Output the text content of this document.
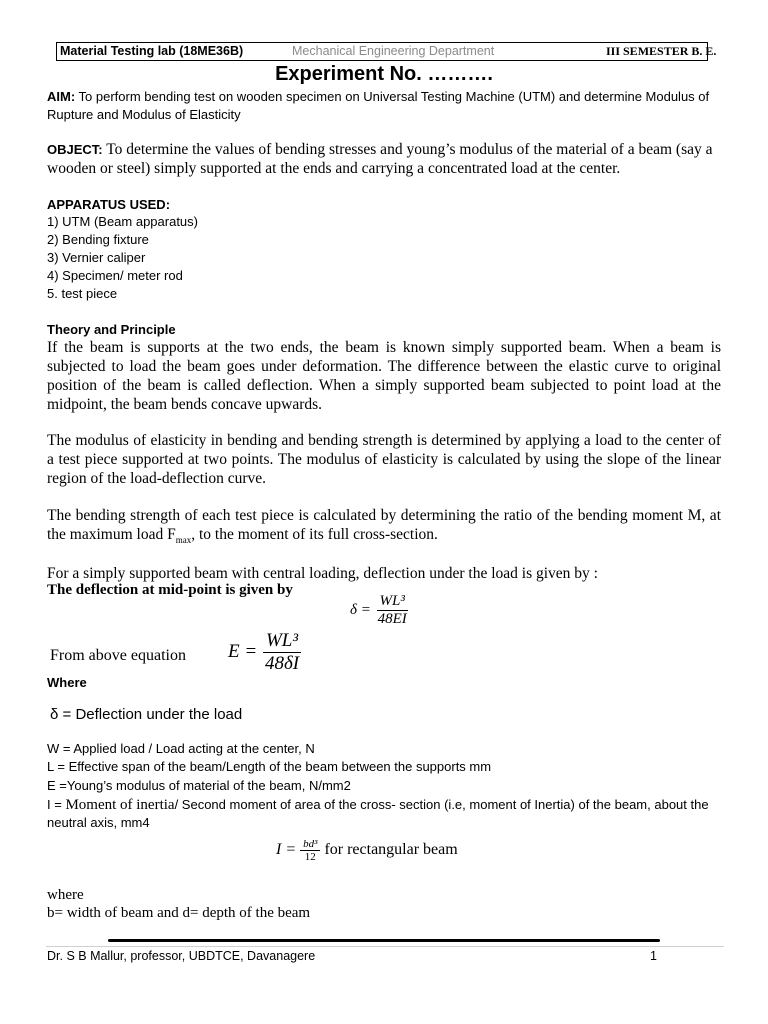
Material Testing lab (18ME36B)	Mechanical Engineering Department	III SEMESTER B. E.
Experiment No. ……….
AIM: To perform bending test on wooden specimen on Universal Testing Machine (UTM) and determine Modulus of Rupture and Modulus of Elasticity
OBJECT: To determine the values of bending stresses and young’s modulus of the material of a beam (say a wooden or steel) simply supported at the ends and carrying a concentrated load at the center.
APPARATUS USED:
1) UTM (Beam apparatus)
2) Bending fixture
3) Vernier caliper
4) Specimen/ meter rod
5. test piece
Theory and Principle
If the beam is supports at the two ends, the beam is known simply supported beam. When a beam is subjected to load the beam goes under deformation. The difference between the elastic curve to original position of the beam is called deflection. When a simply supported beam subjected to point load at the midpoint, the beam bends concave upwards.
The modulus of elasticity in bending and bending strength is determined by applying a load to the center of a test piece supported at two points. The modulus of elasticity is calculated by using the slope of the linear region of the load-deflection curve.
The bending strength of each test piece is calculated by determining the ratio of the bending moment M, at the maximum load $F_{max}$, to the moment of its full cross-section.
For a simply supported beam with central loading, deflection under the load is given by :
The deflection at mid-point is given by
$\delta = \frac{\text{WL³}}{48EI}$
From above equation $E = \frac{\text{WL³}}{48\delta I}$
Where
δ = Deflection under the load
W = Applied load / Load acting at the center, N
L = Effective span of the beam/Length of the beam between the supports mm
E =Young’s modulus of material of the beam, N/mm2
I = Moment of inertia/ Second moment of area of the cross- section (i.e, moment of Inertia) of the beam, about the neutral axis, mm4
$I = \frac{\text{bd³}}{12}$ for rectangular beam
where
b= width of beam and d= depth of the beam
Dr. S B Mallur, professor, UBDTCE, Davanagere	1
